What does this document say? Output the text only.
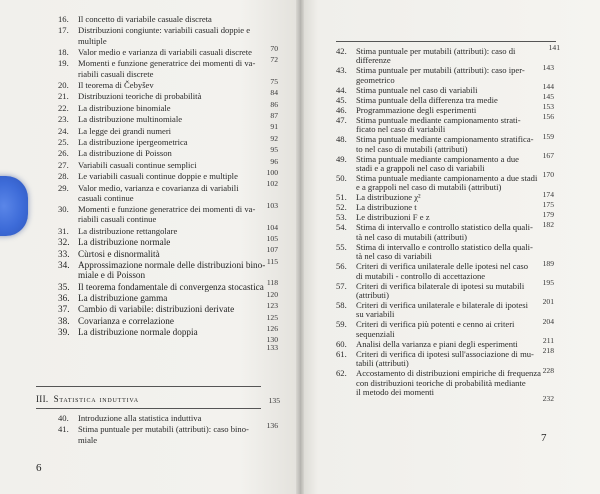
16. Il concetto di variabile casuale discreta
17. Distribuzioni congiunte: variabili casuali doppie e
multiple
70
18. Valor medio e varianza di variabili casuali discrete
72
19. Momenti e funzione generatrice dei momenti di va-
riabili casuali discrete
75
20. Il teorema di Čebyšev
84
21. Distribuzioni teoriche di probabilità
86
22. La distribuzione binomiale
87
23. La distribuzione multinomiale
91
24. La legge dei grandi numeri
92
25. La distribuzione ipergeometrica
95
26. La distribuzione di Poisson
96
27. Variabili casuali continue semplici
100
28. Le variabili casuali continue doppie e multiple
102
29. Valor medio, varianza e covarianza di variabili
casuali continue
103
30. Momenti e funzione generatrice dei momenti di va-
riabili casuali continue
104
31. La distribuzione rettangolare
105
32. La distribuzione normale
107
33. Cùrtosi e disnormalità
115
34. Approssimazione normale delle distribuzioni bino-
miale e di Poisson
118
35. Il teorema fondamentale di convergenza stocastica
120
36. La distribuzione gamma
123
37. Cambio di variabile: distribuzioni derivate
125
38. Covarianza e correlazione
126
39. La distribuzione normale doppia
130
133
40. Introduzione alla statistica induttiva
136
41. Stima puntuale per mutabili (attributi): caso bino-
miale
III. Statistica induttiva	135
6
42. Stima puntuale per mutabili (attributi): caso di
differenze
143
43. Stima puntuale per mutabili (attributi): caso iper-
geometrico
144
44. Stima puntuale nel caso di variabili
145
45. Stima puntuale della differenza tra medie
153
46. Programmazione degli esperimenti
156
47. Stima puntuale mediante campionamento strati-
ficato nel caso di variabili
159
48. Stima puntuale mediante campionamento stratifica-
to nel caso di mutabili (attributi)
167
49. Stima puntuale mediante campionamento a due
stadi e a grappoli nel caso di variabili
170
50. Stima puntuale mediante campionamento a due stadi
e a grappoli nel caso di mutabili (attributi)
174
51. La distribuzione χ²
175
52. La distribuzione t
179
53. Le distribuzioni F e z
182
54. Stima di intervallo e controllo statistico della quali-
tà nel caso di mutabili (attributi)
55. Stima di intervallo e controllo statistico della quali-
tà nel caso di variabili
189
56. Criteri di verifica unilaterale delle ipotesi nel caso
di mutabili - controllo di accettazione
195
57. Criteri di verifica bilaterale di ipotesi su mutabili
(attributi)
201
58. Criteri di verifica unilaterale e bilaterale di ipotesi
su variabili
204
59. Criteri di verifica più potenti e cenno ai criteri
sequenziali
211
60. Analisi della varianza e piani degli esperimenti
218
61. Criteri di verifica di ipotesi sull'associazione di mu-
tabili (attributi)
228
62. Accostamento di distribuzioni empiriche di frequenza
con distribuzioni teoriche di probabilità mediante
il metodo dei momenti
232
141
7
